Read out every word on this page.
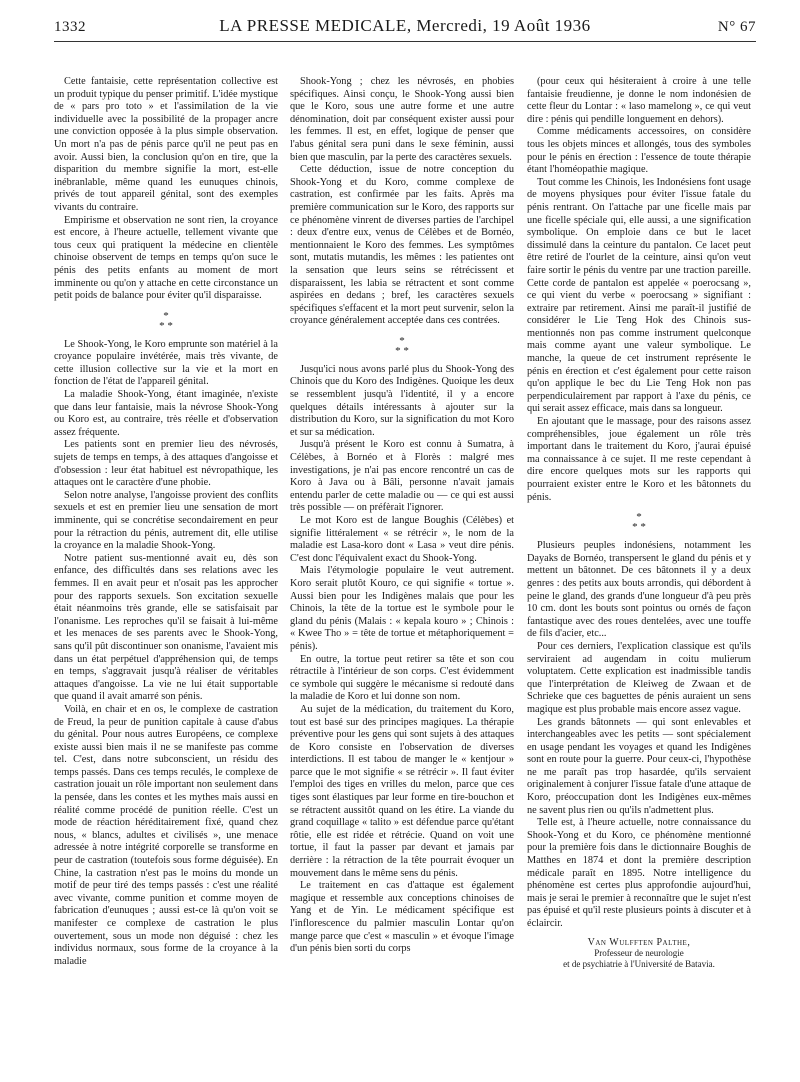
1332	LA PRESSE MEDICALE, Mercredi, 19 Août 1936	N° 67

Cette fantaisie, cette représentation collective est un produit typique du penser primitif. L'idée mystique de « pars pro toto » et l'assimilation de la vie individuelle avec la possibilité de la propager ancre une conviction opposée à la plus simple observation. Un mort n'a pas de pénis parce qu'il ne peut pas en avoir. Aussi bien, la conclusion qu'on en tire, que la disparition du membre signifie la mort, est-elle inébranlable, même quand les eunuques chinois, privés de tout appareil génital, sont des exemples vivants du contraire.

Empirisme et observation ne sont rien, la croyance est encore, à l'heure actuelle, tellement vivante que tous ceux qui pratiquent la médecine en clientèle chinoise observent de temps en temps qu'on suce le pénis des petits enfants au moment de mort imminente ou qu'on y attache en cette circonstance un petit poids de balance pour éviter qu'il disparaisse.

*
* *

Le Shook-Yong, le Koro emprunte son matériel à la croyance populaire invétérée, mais très vivante, de cette illusion collective sur la vie et la mort en fonction de l'état de l'appareil génital.

La maladie Shook-Yong, étant imaginée, n'existe que dans leur fantaisie, mais la névrose Shook-Yong ou Koro est, au contraire, très réelle et d'observation assez fréquente.

Les patients sont en premier lieu des névrosés, sujets de temps en temps, à des attaques d'angoisse et d'obsession : leur état habituel est névropathique, les attaques ont le caractère d'une phobie.

Selon notre analyse, l'angoisse provient des conflits sexuels et est en premier lieu une sensation de mort imminente, qui se concrétise secondairement en peur pour la rétraction du pénis, autrement dit, elle utilise la croyance en la maladie Shook-Yong.

Notre patient sus-mentionné avait eu, dès son enfance, des difficultés dans ses relations avec les femmes. Il en avait peur et n'osait pas les approcher pour des rapports sexuels. Son excitation sexuelle était néanmoins très grande, elle se satisfaisait par l'onanisme. Les reproches qu'il se faisait à lui-même et les menaces de ses parents avec le Shook-Yong, sans qu'il pût discontinuer son onanisme, l'avaient mis dans un état perpétuel d'appréhension qui, de temps en temps, s'aggravait jusqu'à réaliser de véritables attaques d'angoisse. La vie ne lui était supportable que quand il avait amarré son pénis.

Voilà, en chair et en os, le complexe de castration de Freud, la peur de punition capitale à cause d'abus du génital. Pour nous autres Européens, ce complexe existe aussi bien mais il ne se manifeste pas comme tel. C'est, dans notre subconscient, un résidu des temps passés. Dans ces temps reculés, le complexe de castration jouait un rôle important non seulement dans la pensée, dans les contes et les mythes mais aussi en réalité comme procédé de punition réelle. C'est un mode de réaction héréditairement fixé, quand chez nous, « blancs, adultes et civilisés », une menace adressée à notre intégrité corporelle se transforme en peur de castration (toutefois sous forme déguisée). En Chine, la castration n'est pas le moins du monde un motif de peur tiré des temps passés : c'est une réalité avec vivante, comme punition et comme moyen de fabrication d'eunuques ; aussi est-ce là qu'on voit se manifester ce complexe de castration le plus ouvertement, sous un mode non déguisé : chez les individus normaux, sous forme de la croyance à la maladie

Shook-Yong ; chez les névrosés, en phobies spécifiques. Ainsi conçu, le Shook-Yong aussi bien que le Koro, sous une autre forme et une autre dénomination, doit par conséquent exister aussi pour les femmes. Il est, en effet, logique de penser que l'abus génital sera puni dans le sexe féminin, aussi bien que masculin, par la perte des caractères sexuels.

Cette déduction, issue de notre conception du Shook-Yong et du Koro, comme complexe de castration, est confirmée par les faits. Après ma première communication sur le Koro, des rapports sur ce phénomène vinrent de diverses parties de l'archipel : deux d'entre eux, venus de Célèbes et de Bornéo, mentionnaient le Koro des femmes. Les symptômes sont, mutatis mutandis, les mêmes : les patientes ont la sensation que leurs seins se rétrécissent et disparaissent, les labia se rétractent et sont comme aspirées en dedans ; bref, les caractères sexuels spécifiques s'effacent et la mort peut survenir, selon la croyance généralement acceptée dans ces contrées.

*
* *

Jusqu'ici nous avons parlé plus du Shook-Yong des Chinois que du Koro des Indigènes. Quoique les deux se ressemblent jusqu'à l'identité, il y a encore quelques détails intéressants à ajouter sur la distribution du Koro, sur la signification du mot Koro et sur sa médication.

Jusqu'à présent le Koro est connu à Sumatra, à Célèbes, à Bornéo et à Florès : malgré mes investigations, je n'ai pas encore rencontré un cas de Koro à Java ou à Bâli, personne n'avait jamais entendu parler de cette maladie ou — ce qui est aussi très possible — on préfèrait l'ignorer.

Le mot Koro est de langue Boughis (Célèbes) et signifie littéralement « se rétrécir », le nom de la maladie est Lasa-koro dont « Lasa » veut dire pénis. C'est donc l'équivalent exact du Shook-Yong.

Mais l'étymologie populaire le veut autrement. Koro serait plutôt Kouro, ce qui signifie « tortue ». Aussi bien pour les Indigènes malais que pour les Chinois, la tête de la tortue est le symbole pour le gland du pénis (Malais : « kepala kouro » ; Chinois : « Kwee Tho » = tête de tortue et métaphoriquement = pénis).

En outre, la tortue peut retirer sa tête et son cou rétractile à l'intérieur de son corps. C'est évidemment ce symbole qui suggère le mécanisme si redouté dans la maladie de Koro et lui donne son nom.

Au sujet de la médication, du traitement du Koro, tout est basé sur des principes magiques. La thérapie préventive pour les gens qui sont sujets à des attaques de Koro consiste en l'observation de diverses interdictions. Il est tabou de manger le « kentjour » parce que le mot signifie « se rétrécir ». Il faut éviter l'emploi des tiges en vrilles du melon, parce que ces tiges sont élastiques par leur forme en tire-bouchon et se rétractent aussitôt quand on les étire. La viande du grand coquillage « talito » est défendue parce qu'étant rôtie, elle est ridée et rétrécie. Quand on voit une tortue, il faut la passer par devant et jamais par derrière : la rétraction de la tête pourrait évoquer un mouvement dans le même sens du pénis.

Le traitement en cas d'attaque est également magique et ressemble aux conceptions chinoises de Yang et de Yin. Le médicament spécifique est l'inflorescence du palmier masculin Lontar qu'on mange parce que c'est « masculin » et évoque l'image d'un pénis bien sorti du corps

(pour ceux qui hésiteraient à croire à une telle fantaisie freudienne, je donne le nom indonésien de cette fleur du Lontar : « laso mamelong », ce qui veut dire : pénis qui pendille longuement en dehors).

Comme médicaments accessoires, on considère tous les objets minces et allongés, tous des symboles pour le pénis en érection : l'essence de toute thérapie étant l'homéopathie magique.

Tout comme les Chinois, les Indonésiens font usage de moyens physiques pour éviter l'issue fatale du pénis rentrant. On l'attache par une ficelle mais par une ficelle spéciale qui, elle aussi, a une signification symbolique. On emploie dans ce but le lacet dissimulé dans la ceinture du pantalon. Ce lacet peut être retiré de l'ourlet de la ceinture, ainsi qu'on veut faire sortir le pénis du ventre par une traction pareille. Cette corde de pantalon est appelée « poerocsang », ce qui vient du verbe « poerocsang » signifiant : extraire par retirement. Ainsi me paraît-il justifié de considérer le Lie Teng Hok des Chinois sus-mentionnés non pas comme instrument quelconque mais comme ayant une valeur symbolique. Le manche, la queue de cet instrument représente le pénis en érection et c'est également pour cette raison qu'on applique le bec du Lie Teng Hok non pas perpendiculairement par rapport à l'axe du pénis, ce qui serait assez efficace, mais dans sa longueur.

En ajoutant que le massage, pour des raisons assez compréhensibles, joue également un rôle très important dans le traitement du Koro, j'aurai épuisé ma connaissance à ce sujet. Il me reste cependant à dire encore quelques mots sur les rapports qui pourraient exister entre le Koro et les bâtonnets du pénis.

*
* *

Plusieurs peuples indonésiens, notamment les Dayaks de Bornéo, transpersent le gland du pénis et y mettent un bâtonnet. De ces bâtonnets il y a deux genres : des petits aux bouts arrondis, qui débordent à peine le gland, des grands d'une longueur d'à peu près 10 cm. dont les bouts sont pointus ou ornés de façon fantastique avec des roues dentelées, avec une touffe de fils d'acier, etc...

Pour ces derniers, l'explication classique est qu'ils serviraient ad augendam in coitu mulierum voluptatem. Cette explication est inadmissible tandis que l'interprétation de Kleiweg de Zwaan et de Schrieke que ces baguettes de pénis auraient un sens magique est plus probable mais encore assez vague.

Les grands bâtonnets — qui sont enlevables et interchangeables avec les petits — sont spécialement en usage pendant les voyages et quand les Indigènes sont en route pour la guerre. Pour ceux-ci, l'hypothèse ne me paraît pas trop hasardée, qu'ils servaient originalement à conjurer l'issue fatale d'une attaque de Koro, préoccupation dont les Indigènes eux-mêmes ne savent plus rien ou qu'ils n'admettent plus.

Telle est, à l'heure actuelle, notre connaissance du Shook-Yong et du Koro, ce phénomène mentionné pour la première fois dans le dictionnaire Boughis de Matthes en 1874 et dont la première description médicale paraît en 1895. Notre intelligence du phénomène est certes plus approfondie aujourd'hui, mais je serai le premier à reconnaître que le sujet n'est pas épuisé et qu'il reste plusieurs points à discuter et à éclaircir.

Van Wulfften Palthe,
Professeur de neurologie
et de psychiatrie à l'Université de Batavia.
